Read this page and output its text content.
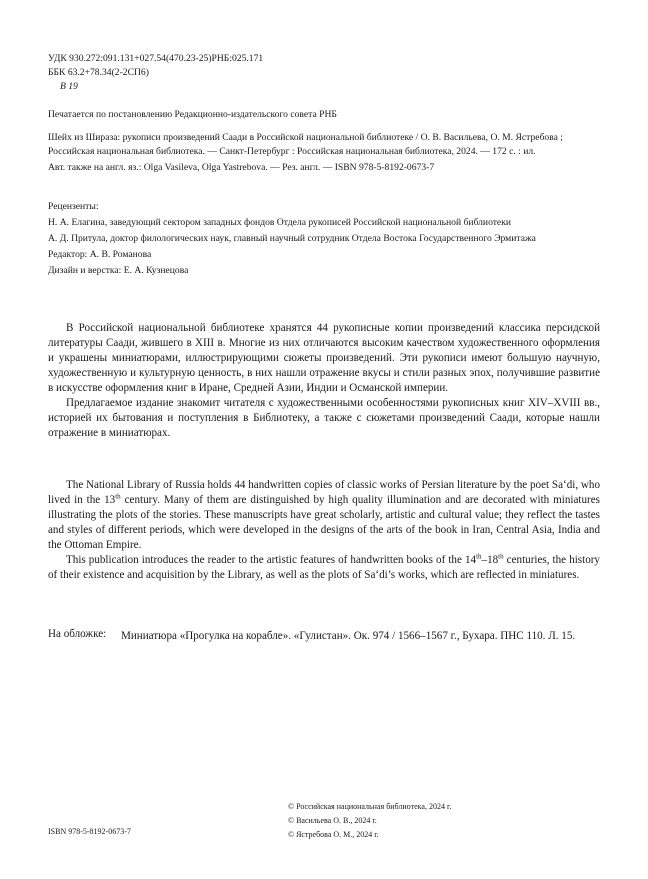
УДК 930.272:091.131+027.54(470.23-25)РНБ:025.171
ББК 63.2+78.34(2-2СП6)
В 19
Печатается по постановлению Редакционно-издательского совета РНБ
Шейх из Шираза: рукописи произведений Саади в Российской национальной библиотеке / О. В. Васильева, О. М. Ястребова ;
Российская национальная библиотека. — Санкт-Петербург : Российская национальная библиотека, 2024. — 172 с. : ил.
Авт. также на англ. яз.: Olga Vasileva, Olga Yastrebova. — Рез. англ. — ISBN 978-5-8192-0673-7
Рецензенты:
Н. А. Елагина, заведующий сектором западных фондов Отдела рукописей Российской национальной библиотеки
А. Д. Притула, доктор филологических наук, главный научный сотрудник Отдела Востока Государственного Эрмитажа
Редактор: А. В. Романова
Дизайн и верстка: Е. А. Кузнецова

В Российской национальной библиотеке хранятся 44 рукописные копии произведений классика персидской литературы Саади, жившего в XIII в. Многие из них отличаются высоким качеством художественного оформления и украшены миниатюрами, иллюстрирующими сюжеты произведений. Эти рукописи имеют большую научную, художественную и культурную ценность, в них нашли отражение вкусы и стили разных эпох, получившие развитие в искусстве оформления книг в Иране, Средней Азии, Индии и Османской империи.

Предлагаемое издание знакомит читателя с художественными особенностями рукописных книг XIV–XVIII вв., историей их бытования и поступления в Библиотеку, а также с сюжетами произведений Саади, которые нашли отражение в миниатюрах.

The National Library of Russia holds 44 handwritten copies of classic works of Persian literature by the poet Sa‘di, who lived in the 13th century. Many of them are distinguished by high quality illumination and are decorated with miniatures illustrating the plots of the stories. These manuscripts have great scholarly, artistic and cultural value; they reflect the tastes and styles of different periods, which were developed in the designs of the arts of the book in Iran, Central Asia, India and the Ottoman Empire.

This publication introduces the reader to the artistic features of handwritten books of the 14th–18th centuries, the history of their existence and acquisition by the Library, as well as the plots of Sa‘di’s works, which are reflected in miniatures.

На обложке: Миниатюра «Прогулка на корабле». «Гулистан». Ок. 974 / 1566–1567 г., Бухара. ПНС 110. Л. 15.
ISBN 978-5-8192-0673-7
© Российская национальная библиотека, 2024 г.
© Васильева О. В., 2024 г.
© Ястребова О. М., 2024 г.
